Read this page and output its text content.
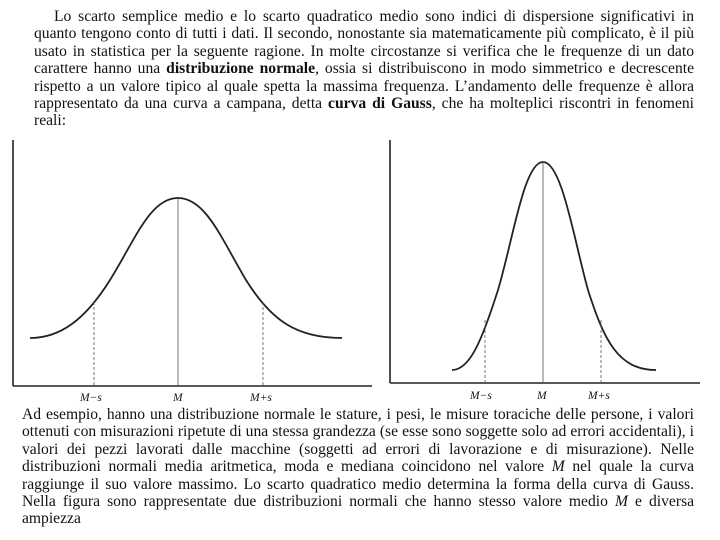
Lo scarto semplice medio e lo scarto quadratico medio sono indici di dispersione significativi in quanto tengono conto di tutti i dati. Il secondo, nonostante sia matematicamente più complicato, è il più usato in statistica per la seguente ragione. In molte circostanze si verifica che le frequenze di un dato carattere hanno una distribuzione normale, ossia si distribuiscono in modo simmetrico e decrescente rispetto a un valore tipico al quale spetta la massima frequenza. L’andamento delle frequenze è allora rappresentato da una curva a campana, detta curva di Gauss, che ha molteplici riscontri in fenomeni reali:

M−s	M	M+s	M−s	M	M+s

Ad esempio, hanno una distribuzione normale le stature, i pesi, le misure toraciche delle persone, i valori ottenuti con misurazioni ripetute di una stessa grandezza (se esse sono soggette solo ad errori accidentali), i valori dei pezzi lavorati dalle macchine (soggetti ad errori di lavorazione e di misurazione). Nelle distribuzioni normali media aritmetica, moda e mediana coincidono nel valore M nel quale la curva raggiunge il suo valore massimo. Lo scarto quadratico medio determina la forma della curva di Gauss. Nella figura sono rappresentate due distribuzioni normali che hanno stesso valore medio M e diversa ampiezza
